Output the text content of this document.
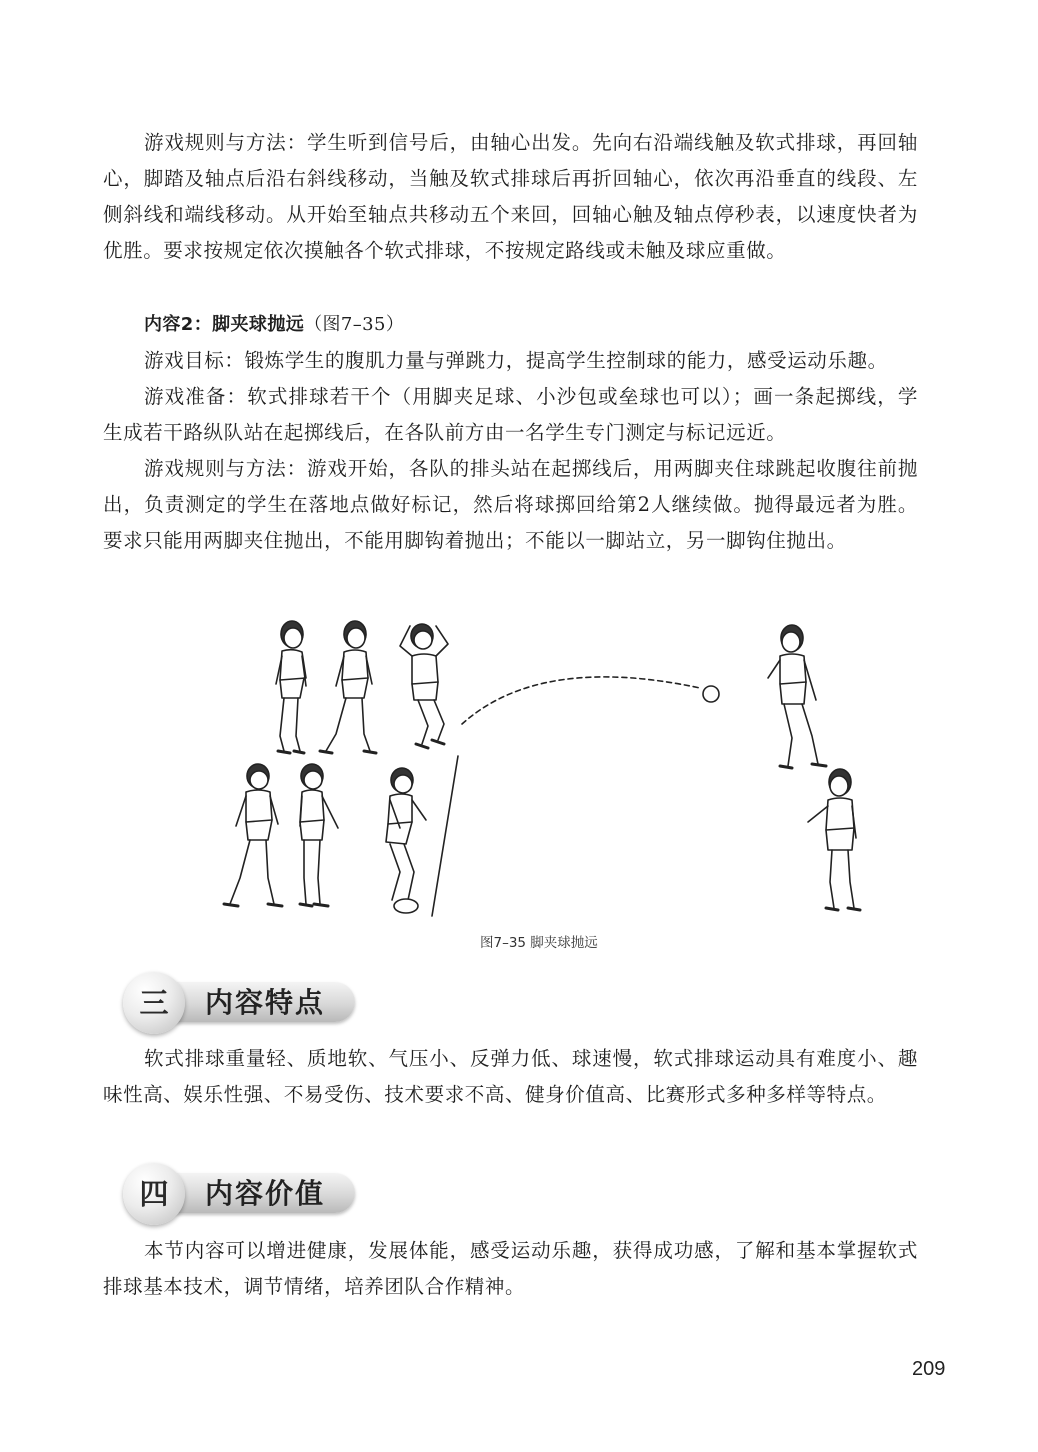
游戏规则与方法：学生听到信号后，由轴心出发。先向右沿端线触及软式排球，再回轴心，脚踏及轴点后沿右斜线移动，当触及软式排球后再折回轴心，依次再沿垂直的线段、左侧斜线和端线移动。从开始至轴点共移动五个来回，回轴心触及轴点停秒表，以速度快者为优胜。要求按规定依次摸触各个软式排球，不按规定路线或未触及球应重做。

内容2：脚夹球抛远（图7–35）

游戏目标：锻炼学生的腹肌力量与弹跳力，提高学生控制球的能力，感受运动乐趣。

游戏准备：软式排球若干个（用脚夹足球、小沙包或垒球也可以）；画一条起掷线，学生成若干路纵队站在起掷线后，在各队前方由一名学生专门测定与标记远近。

游戏规则与方法：游戏开始，各队的排头站在起掷线后，用两脚夹住球跳起收腹往前抛出，负责测定的学生在落地点做好标记，然后将球掷回给第2人继续做。抛得最远者为胜。要求只能用两脚夹住抛出，不能用脚钩着抛出；不能以一脚站立，另一脚钩住抛出。

图7–35 脚夹球抛远
三	内容特点

软式排球重量轻、质地软、气压小、反弹力低、球速慢，软式排球运动具有难度小、趣味性高、娱乐性强、不易受伤、技术要求不高、健身价值高、比赛形式多种多样等特点。

四	内容价值

本节内容可以增进健康，发展体能，感受运动乐趣，获得成功感，了解和基本掌握软式排球基本技术，调节情绪，培养团队合作精神。

209
